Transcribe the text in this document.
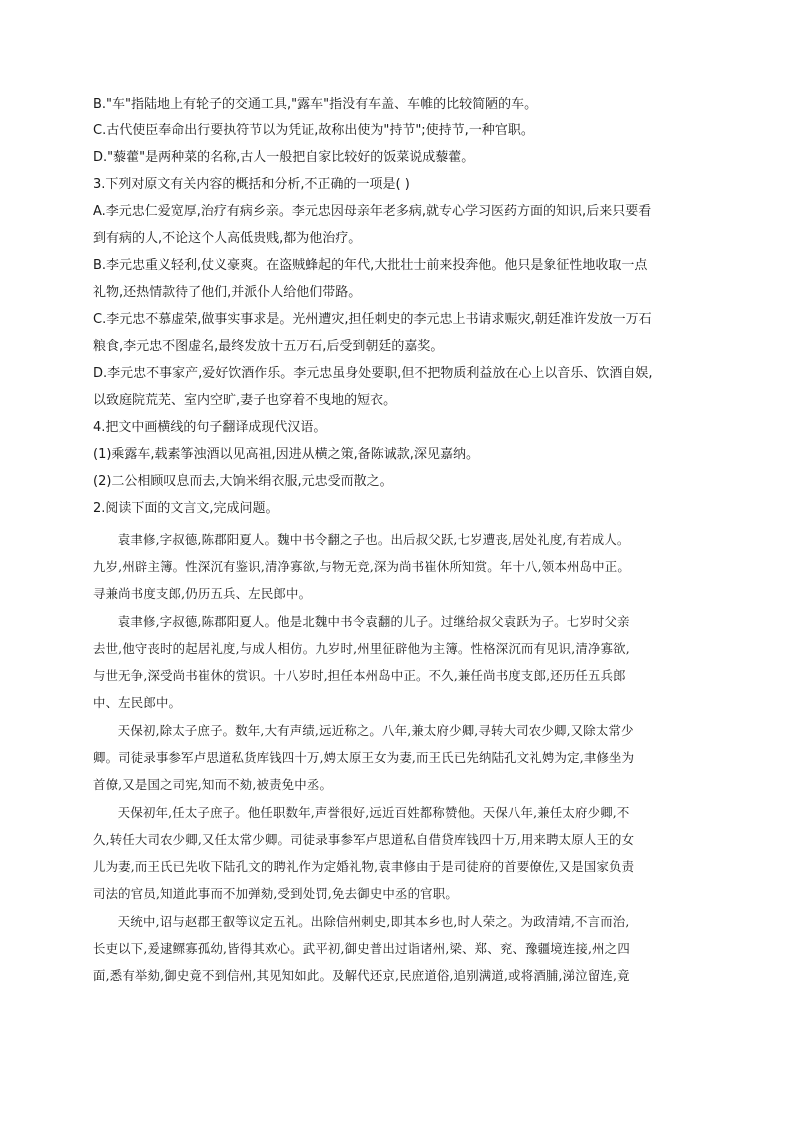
B."车"指陆地上有轮子的交通工具,"露车"指没有车盖、车帷的比较简陋的车。
C.古代使臣奉命出行要执符节以为凭证,故称出使为"持节";使持节,一种官职。
D."藜藿"是两种菜的名称,古人一般把自家比较好的饭菜说成藜藿。
3.下列对原文有关内容的概括和分析,不正确的一项是( )
A.李元忠仁爱宽厚,治疗有病乡亲。李元忠因母亲年老多病,就专心学习医药方面的知识,后来只要看
到有病的人,不论这个人高低贵贱,都为他治疗。
B.李元忠重义轻利,仗义豪爽。在盗贼蜂起的年代,大批壮士前来投奔他。他只是象征性地收取一点
礼物,还热情款待了他们,并派仆人给他们带路。
C.李元忠不慕虚荣,做事实事求是。光州遭灾,担任刺史的李元忠上书请求赈灾,朝廷准许发放一万石
粮食,李元忠不图虚名,最终发放十五万石,后受到朝廷的嘉奖。
D.李元忠不事家产,爱好饮酒作乐。李元忠虽身处要职,但不把物质利益放在心上以音乐、饮酒自娱,
以致庭院荒芜、室内空旷,妻子也穿着不曳地的短衣。
4.把文中画横线的句子翻译成现代汉语。
(1)乘露车,载素筝浊酒以见高祖,因进从横之策,备陈诚款,深见嘉纳。
(2)二公相顾叹息而去,大饷米绢衣服,元忠受而散之。
2.阅读下面的文言文,完成问题。
袁聿修,字叔德,陈郡阳夏人。魏中书令翻之子也。出后叔父跃,七岁遭丧,居处礼度,有若成人。
九岁,州辟主簿。性深沉有鉴识,清净寡欲,与物无竞,深为尚书崔休所知赏。年十八,领本州岛中正。
寻兼尚书度支郎,仍历五兵、左民郎中。
袁聿修,字叔德,陈郡阳夏人。他是北魏中书令袁翻的儿子。过继给叔父袁跃为子。七岁时父亲
去世,他守丧时的起居礼度,与成人相仿。九岁时,州里征辟他为主簿。性格深沉而有见识,清净寡欲,
与世无争,深受尚书崔休的赏识。十八岁时,担任本州岛中正。不久,兼任尚书度支郎,还历任五兵郎
中、左民郎中。
天保初,除太子庶子。数年,大有声绩,远近称之。八年,兼太府少卿,寻转大司农少卿,又除太常少
卿。司徒录事参军卢思道私货库钱四十万,娉太原王女为妻,而王氏已先纳陆孔文礼娉为定,聿修坐为
首僚,又是国之司宪,知而不劾,被责免中丞。
天保初年,任太子庶子。他任职数年,声誉很好,远近百姓都称赞他。天保八年,兼任太府少卿,不
久,转任大司农少卿,又任太常少卿。司徒录事参军卢思道私自借贷库钱四十万,用来聘太原人王的女
儿为妻,而王氏已先收下陆孔文的聘礼作为定婚礼物,袁聿修由于是司徒府的首要僚佐,又是国家负责
司法的官员,知道此事而不加弹劾,受到处罚,免去御史中丞的官职。
天统中,诏与赵郡王叡等议定五礼。出除信州刺史,即其本乡也,时人荣之。为政清靖,不言而治,
长吏以下,爰逮鳏寡孤幼,皆得其欢心。武平初,御史普出过诣诸州,梁、郑、兖、豫疆境连接,州之四
面,悉有举劾,御史竟不到信州,其见知如此。及解代还京,民庶道俗,追别满道,或将酒脯,涕泣留连,竟
